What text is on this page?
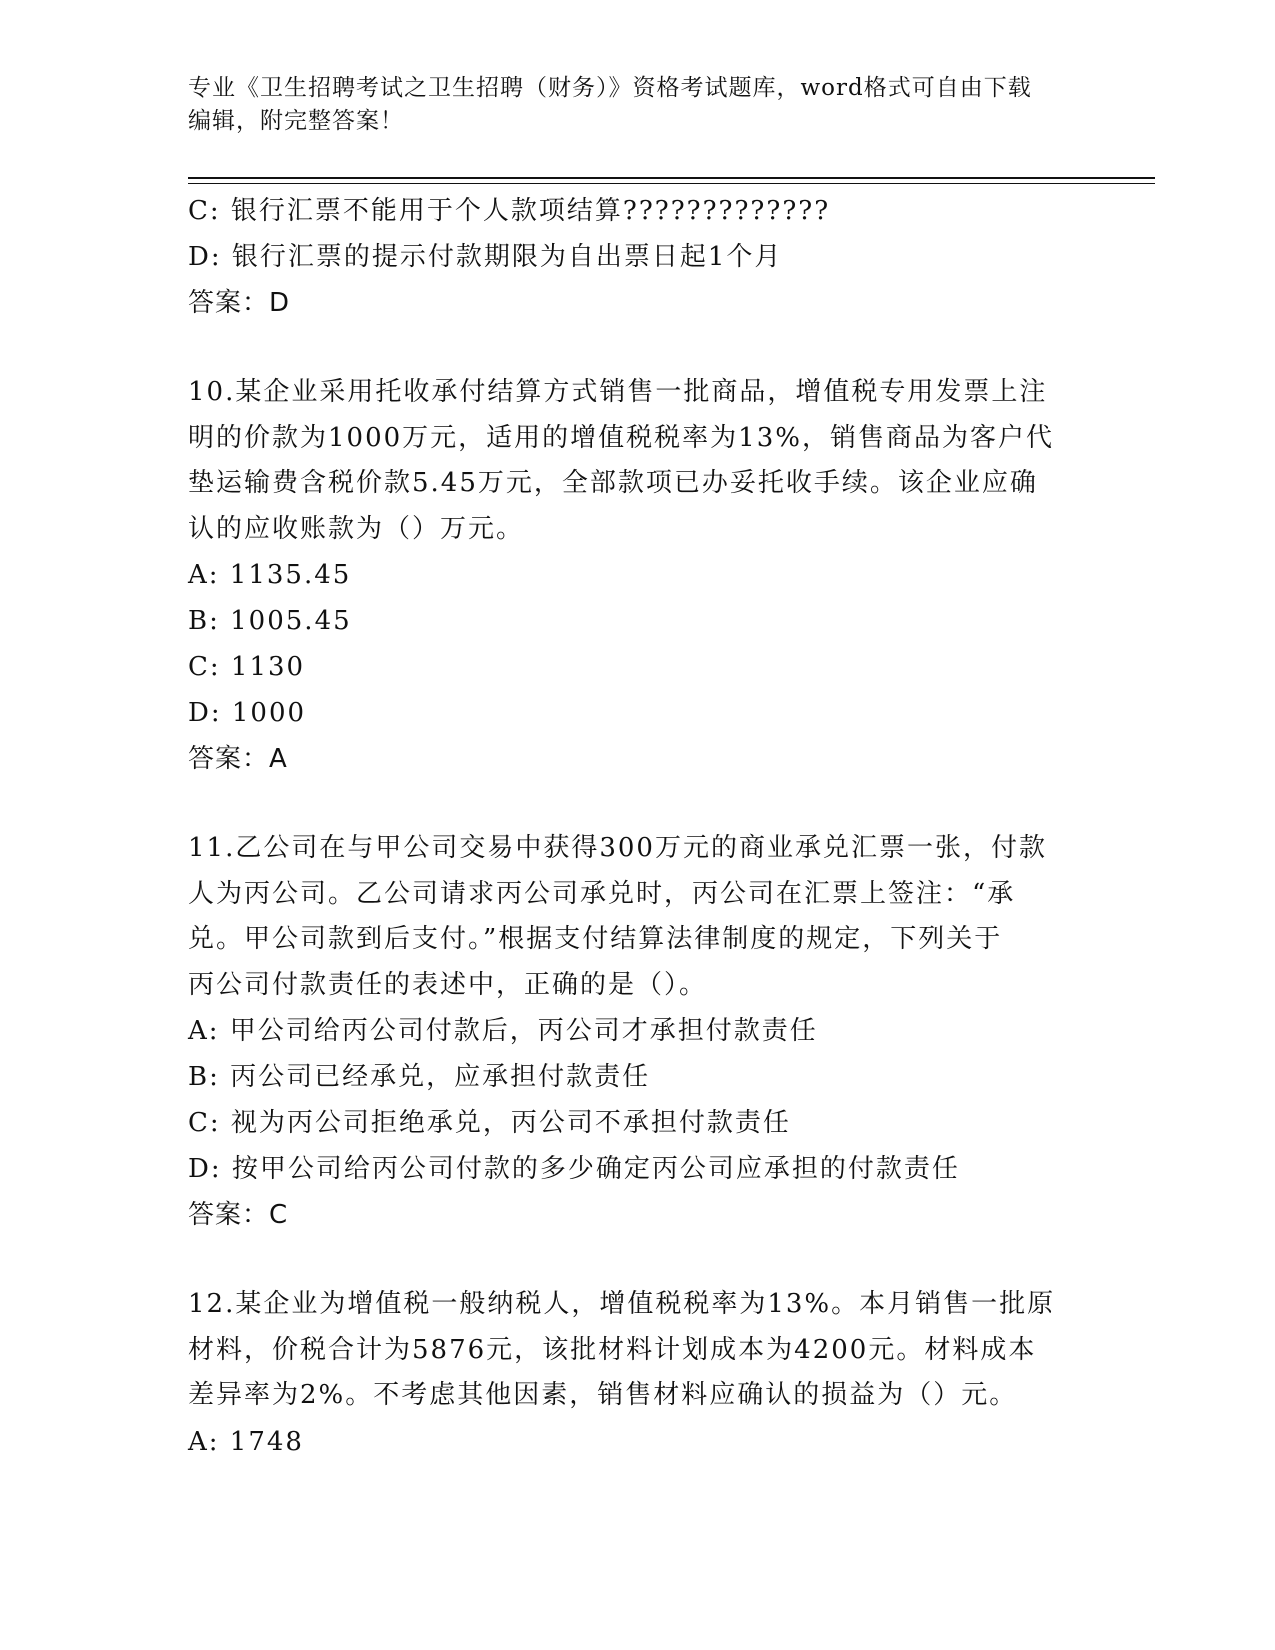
专业《卫生招聘考试之卫生招聘（财务）》资格考试题库，word格式可自由下载
编辑，附完整答案！
C: 银行汇票不能用于个人款项结算?????????????
D: 银行汇票的提示付款期限为自出票日起1个月
答案：D
10.某企业采用托收承付结算方式销售一批商品，增值税专用发票上注
明的价款为1000万元，适用的增值税税率为13%，销售商品为客户代
垫运输费含税价款5.45万元，全部款项已办妥托收手续。该企业应确
认的应收账款为（）万元。
A: 1135.45
B: 1005.45
C: 1130
D: 1000
答案：A
11.乙公司在与甲公司交易中获得300万元的商业承兑汇票一张，付款
人为丙公司。乙公司请求丙公司承兑时，丙公司在汇票上签注：“承
兑。甲公司款到后支付。”根据支付结算法律制度的规定，下列关于
丙公司付款责任的表述中，正确的是（）。
A: 甲公司给丙公司付款后，丙公司才承担付款责任
B: 丙公司已经承兑，应承担付款责任
C: 视为丙公司拒绝承兑，丙公司不承担付款责任
D: 按甲公司给丙公司付款的多少确定丙公司应承担的付款责任
答案：C
12.某企业为增值税一般纳税人，增值税税率为13%。本月销售一批原
材料，价税合计为5876元，该批材料计划成本为4200元。材料成本
差异率为2%。不考虑其他因素，销售材料应确认的损益为（）元。
A: 1748
